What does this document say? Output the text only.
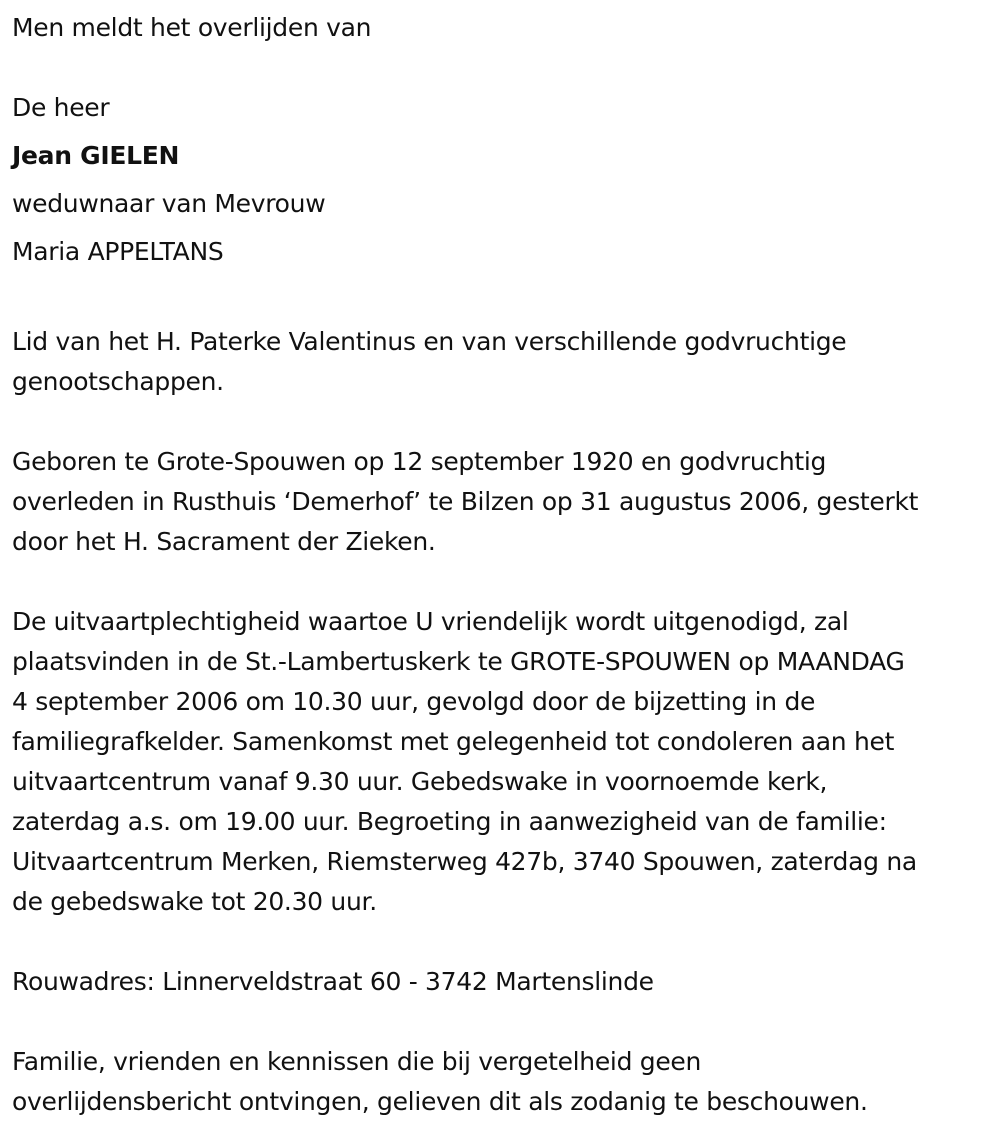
Men meldt het overlijden van

De heer

Jean GIELEN

weduwnaar van Mevrouw

Maria APPELTANS

Lid van het H. Paterke Valentinus en van verschillende godvruchtige

genootschappen.

Geboren te Grote-Spouwen op 12 september 1920 en godvruchtig

overleden in Rusthuis ‘Demerhof’ te Bilzen op 31 augustus 2006, gesterkt

door het H. Sacrament der Zieken.

De uitvaartplechtigheid waartoe U vriendelijk wordt uitgenodigd, zal

plaatsvinden in de St.-Lambertuskerk te GROTE-SPOUWEN op MAANDAG

4 september 2006 om 10.30 uur, gevolgd door de bijzetting in de

familiegrafkelder. Samenkomst met gelegenheid tot condoleren aan het

uitvaartcentrum vanaf 9.30 uur. Gebedswake in voornoemde kerk,

zaterdag a.s. om 19.00 uur. Begroeting in aanwezigheid van de familie:

Uitvaartcentrum Merken, Riemsterweg 427b, 3740 Spouwen, zaterdag na

de gebedswake tot 20.30 uur.

Rouwadres: Linnerveldstraat 60 - 3742 Martenslinde

Familie, vrienden en kennissen die bij vergetelheid geen

overlijdensbericht ontvingen, gelieven dit als zodanig te beschouwen.
